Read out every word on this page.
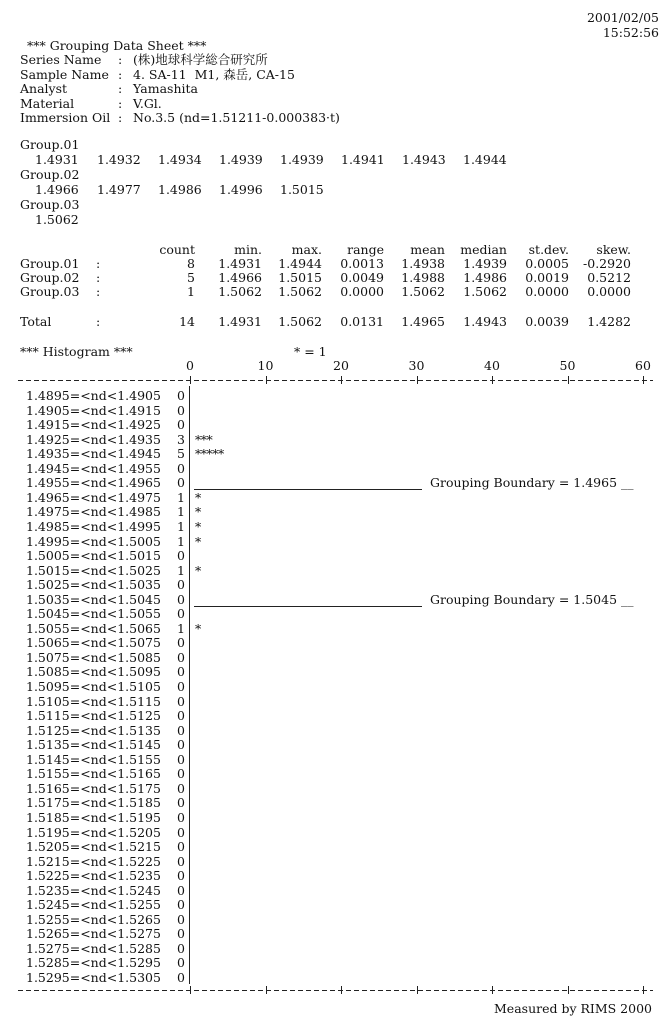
2001/02/05
15:52:56
*** Grouping Data Sheet ***
Series Name : (株)地球科学総合研究所
Sample Name : 4. SA-11  M1, 森岳, CA-15
Analyst	: Yamashita
Material	: V.Gl.
Immersion Oil : No.3.5 (nd=1.51211-0.000383·t)
Group.01
1.4931 1.4932 1.4934 1.4939 1.4939 1.4941 1.4943 1.4944
Group.02
1.4966 1.4977 1.4986 1.4996 1.5015
Group.03
1.5062
count	min. max. range mean median st.dev. skew.
Group.01 :	8 1.4931 1.4944 0.0013 1.4938 1.4939 0.0005 -0.2920
Group.02 :	5 1.4966 1.5015 0.0049 1.4988 1.4986 0.0019 0.5212
Group.03 :	1 1.5062 1.5062 0.0000 1.5062 1.5062 0.0000 0.0000
Total	:	14 1.4931 1.5062 0.0131 1.4965 1.4943 0.0039 1.4282
*** Histogram ***	* = 1
0	10	20	30	40	50	60
1.4895=<nd<1.4905 0
1.4905=<nd<1.4915 0
1.4915=<nd<1.4925 0
1.4925=<nd<1.4935 3 ***
1.4935=<nd<1.4945 5 *****
1.4945=<nd<1.4955 0
1.4955=<nd<1.4965 0
1.4965=<nd<1.4975 1 *
1.4975=<nd<1.4985 1 *
1.4985=<nd<1.4995 1 *
1.4995=<nd<1.5005 1 *
1.5005=<nd<1.5015 0
1.5015=<nd<1.5025 1 *
1.5025=<nd<1.5035 0
1.5035=<nd<1.5045 0
1.5045=<nd<1.5055 0
1.5055=<nd<1.5065 1 *
1.5065=<nd<1.5075 0
1.5075=<nd<1.5085 0
1.5085=<nd<1.5095 0
1.5095=<nd<1.5105 0
1.5105=<nd<1.5115 0
1.5115=<nd<1.5125 0
1.5125=<nd<1.5135 0
1.5135=<nd<1.5145 0
1.5145=<nd<1.5155 0
1.5155=<nd<1.5165 0
1.5165=<nd<1.5175 0
1.5175=<nd<1.5185 0
1.5185=<nd<1.5195 0
1.5195=<nd<1.5205 0
1.5205=<nd<1.5215 0
1.5215=<nd<1.5225 0
1.5225=<nd<1.5235 0
1.5235=<nd<1.5245 0
1.5245=<nd<1.5255 0
1.5255=<nd<1.5265 0
1.5265=<nd<1.5275 0
1.5275=<nd<1.5285 0
1.5285=<nd<1.5295 0
1.5295=<nd<1.5305 0
Grouping Boundary = 1.4965 __
Grouping Boundary = 1.5045 __
Measured by RIMS 2000
